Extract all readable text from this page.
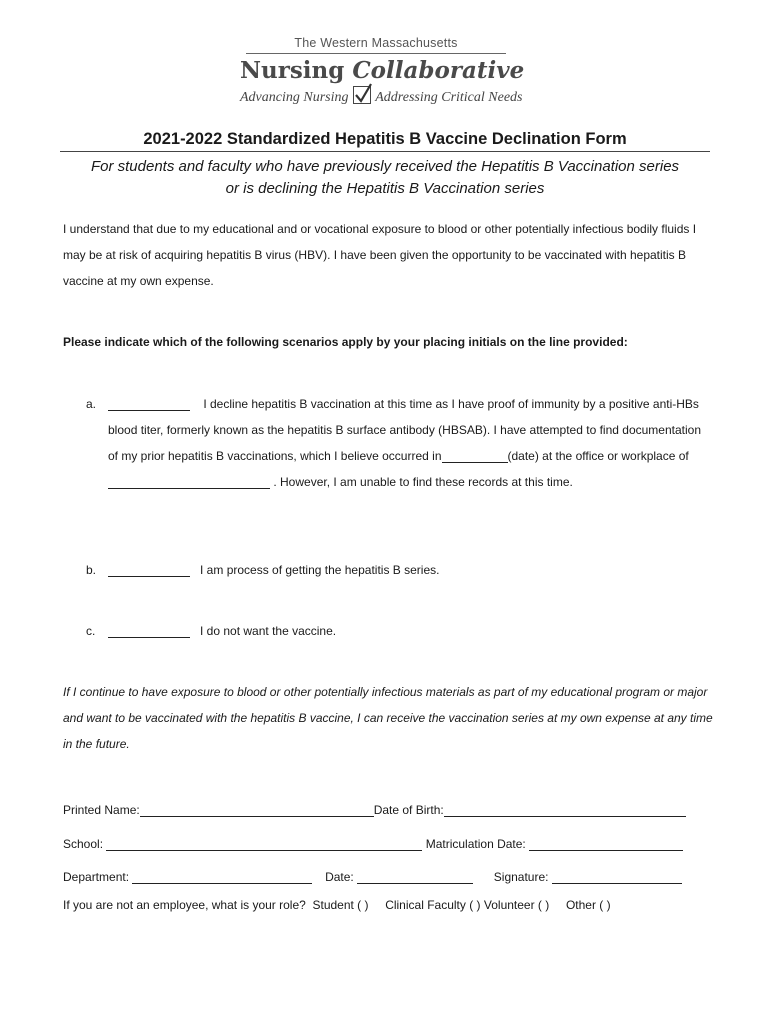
The Western Massachusetts
Nursing Collaborative
Advancing Nursing Addressing Critical Needs
2021-2022 Standardized Hepatitis B Vaccine Declination Form
For students and faculty who have previously received the Hepatitis B Vaccination series
or is declining the Hepatitis B Vaccination series
I understand that due to my educational and or vocational exposure to blood or other potentially infectious bodily fluids I may be at risk of acquiring hepatitis B virus (HBV). I have been given the opportunity to be vaccinated with hepatitis B vaccine at my own expense.
Please indicate which of the following scenarios apply by your placing initials on the line provided:
a.	I decline hepatitis B vaccination at this time as I have proof of immunity by a positive anti-HBs blood titer, formerly known as the hepatitis B surface antibody (HBSAB). I have attempted to find documentation of my prior hepatitis B vaccinations, which I believe occurred in	(date) at the office or workplace of  . However, I am unable to find these records at this time.
b.	I am process of getting the hepatitis B series.
c.	I do not want the vaccine.
If I continue to have exposure to blood or other potentially infectious materials as part of my educational program or major and want to be vaccinated with the hepatitis B vaccine, I can receive the vaccination series at my own expense at any time in the future.
Printed Name:	Date of Birth:
School:	Matriculation Date:
Department:	Date:	Signature:
If you are not an employee, what is your role? Student ( ) Clinical Faculty ( ) Volunteer ( ) Other ( )
